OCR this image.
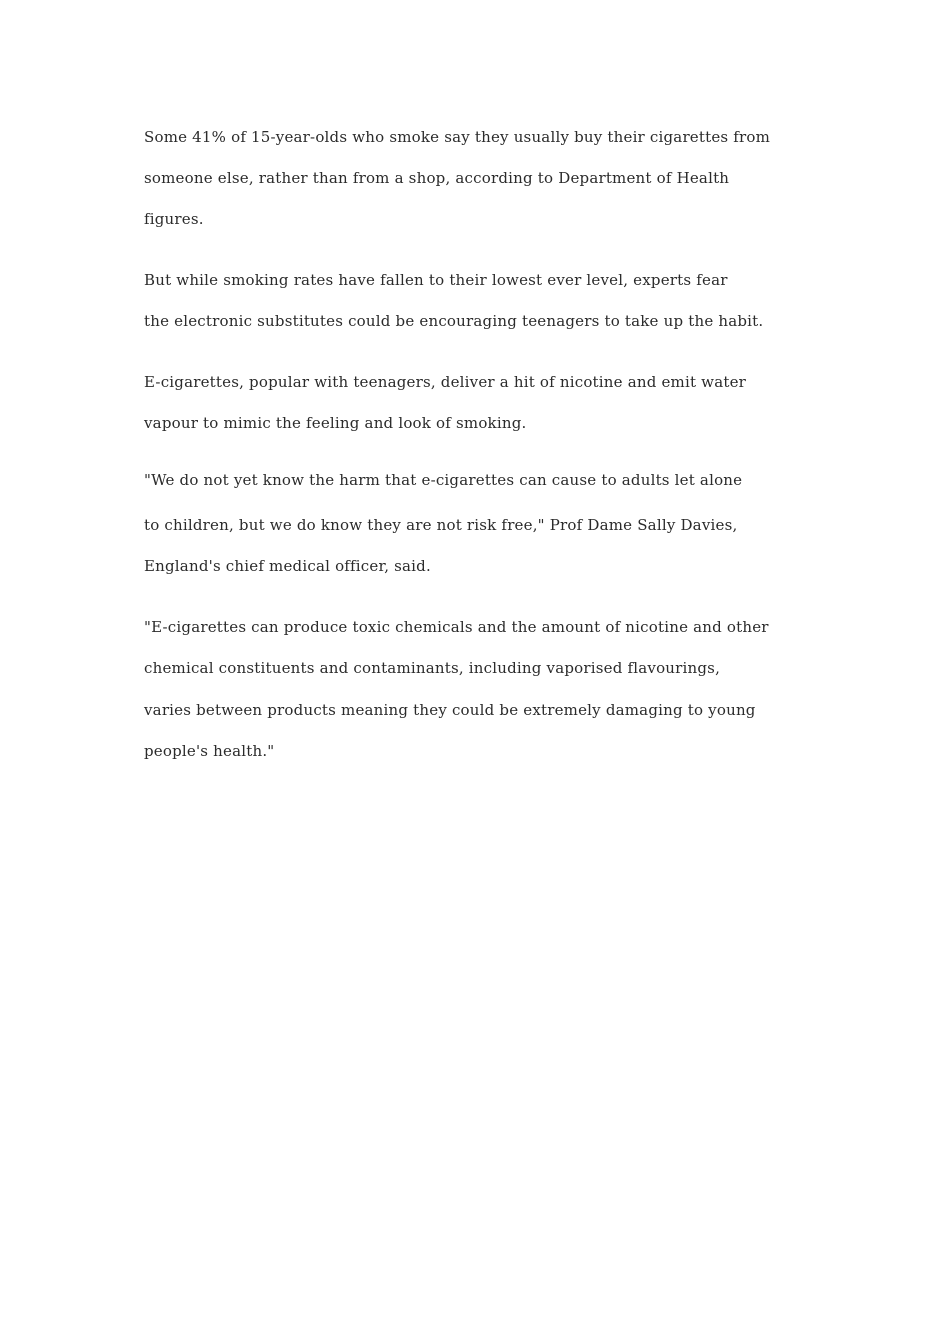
Some 41% of 15-year-olds who smoke say they usually buy their cigarettes from
someone else, rather than from a shop, according to Department of Health
figures.
But while smoking rates have fallen to their lowest ever level, experts fear
the electronic substitutes could be encouraging teenagers to take up the habit.
E-cigarettes, popular with teenagers, deliver a hit of nicotine and emit water
vapour to mimic the feeling and look of smoking.
"We do not yet know the harm that e-cigarettes can cause to adults let alone
to children, but we do know they are not risk free," Prof Dame Sally Davies,
England's chief medical officer, said.
"E-cigarettes can produce toxic chemicals and the amount of nicotine and other
chemical constituents and contaminants, including vaporised flavourings,
varies between products meaning they could be extremely damaging to young
people's health."
